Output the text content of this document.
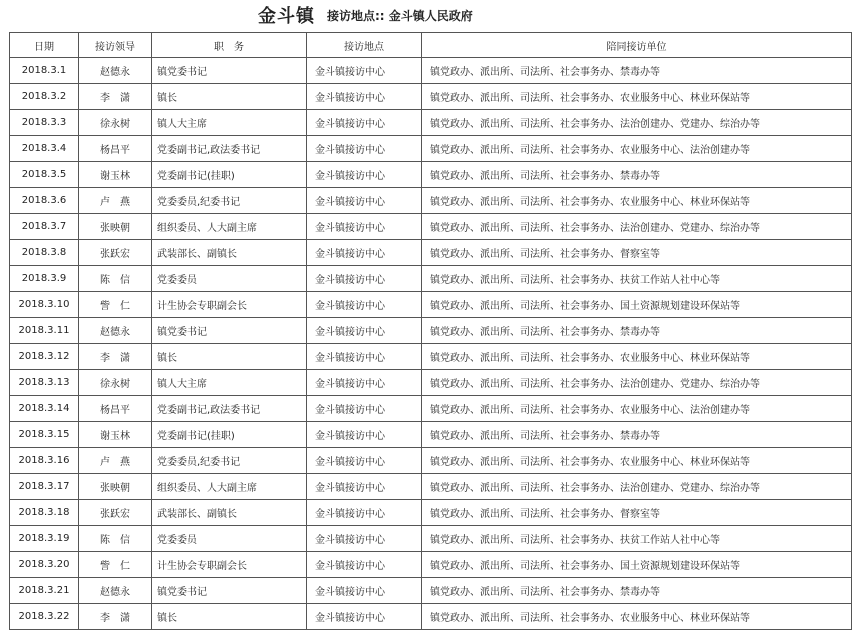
金斗镇 接访地点:: 金斗镇人民政府
日期	接访领导	职　务	接访地点	陪同接访单位
2018.3.1	赵德永	镇党委书记	金斗镇接访中心	镇党政办、派出所、司法所、社会事务办、禁毒办等
2018.3.2	李　潇	镇长	金斗镇接访中心	镇党政办、派出所、司法所、社会事务办、农业服务中心、林业环保站等
2018.3.3	徐永树	镇人大主席	金斗镇接访中心	镇党政办、派出所、司法所、社会事务办、法治创建办、党建办、综治办等
2018.3.4	杨昌平	党委副书记,政法委书记	金斗镇接访中心	镇党政办、派出所、司法所、社会事务办、农业服务中心、法治创建办等
2018.3.5	谢玉林	党委副书记(挂职)	金斗镇接访中心	镇党政办、派出所、司法所、社会事务办、禁毒办等
2018.3.6	卢　燕	党委委员,纪委书记	金斗镇接访中心	镇党政办、派出所、司法所、社会事务办、农业服务中心、林业环保站等
2018.3.7	张映朝	组织委员、人大副主席	金斗镇接访中心	镇党政办、派出所、司法所、社会事务办、法治创建办、党建办、综治办等
2018.3.8	张跃宏	武装部长、副镇长	金斗镇接访中心	镇党政办、派出所、司法所、社会事务办、督察室等
2018.3.9	陈　信	党委委员	金斗镇接访中心	镇党政办、派出所、司法所、社会事务办、扶贫工作站人社中心等
2018.3.10	訾　仁	计生协会专职副会长	金斗镇接访中心	镇党政办、派出所、司法所、社会事务办、国土资源规划建设环保站等
2018.3.11	赵德永	镇党委书记	金斗镇接访中心	镇党政办、派出所、司法所、社会事务办、禁毒办等
2018.3.12	李　潇	镇长	金斗镇接访中心	镇党政办、派出所、司法所、社会事务办、农业服务中心、林业环保站等
2018.3.13	徐永树	镇人大主席	金斗镇接访中心	镇党政办、派出所、司法所、社会事务办、法治创建办、党建办、综治办等
2018.3.14	杨昌平	党委副书记,政法委书记	金斗镇接访中心	镇党政办、派出所、司法所、社会事务办、农业服务中心、法治创建办等
2018.3.15	谢玉林	党委副书记(挂职)	金斗镇接访中心	镇党政办、派出所、司法所、社会事务办、禁毒办等
2018.3.16	卢　燕	党委委员,纪委书记	金斗镇接访中心	镇党政办、派出所、司法所、社会事务办、农业服务中心、林业环保站等
2018.3.17	张映朝	组织委员、人大副主席	金斗镇接访中心	镇党政办、派出所、司法所、社会事务办、法治创建办、党建办、综治办等
2018.3.18	张跃宏	武装部长、副镇长	金斗镇接访中心	镇党政办、派出所、司法所、社会事务办、督察室等
2018.3.19	陈　信	党委委员	金斗镇接访中心	镇党政办、派出所、司法所、社会事务办、扶贫工作站人社中心等
2018.3.20	訾　仁	计生协会专职副会长	金斗镇接访中心	镇党政办、派出所、司法所、社会事务办、国土资源规划建设环保站等
2018.3.21	赵德永	镇党委书记	金斗镇接访中心	镇党政办、派出所、司法所、社会事务办、禁毒办等
2018.3.22	李　潇	镇长	金斗镇接访中心	镇党政办、派出所、司法所、社会事务办、农业服务中心、林业环保站等
